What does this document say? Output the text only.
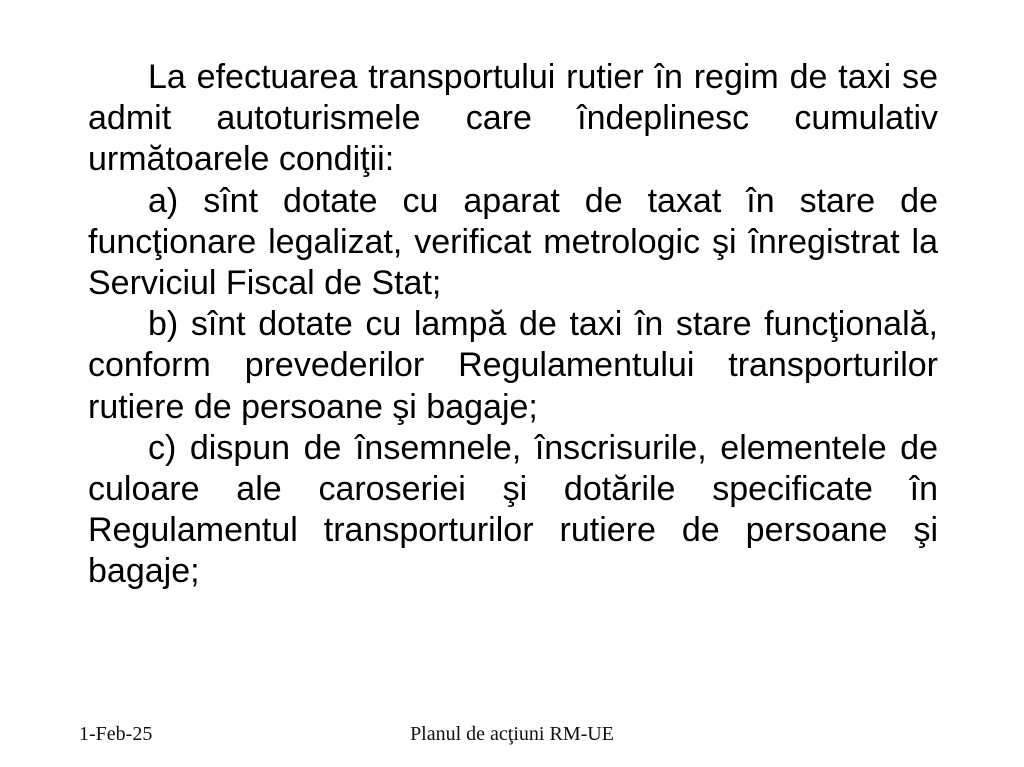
La efectuarea transportului rutier în regim de taxi se
admit autoturismele care îndeplinesc cumulativ
următoarele condiţii:
a) sînt dotate cu aparat de taxat în stare de
funcţionare legalizat, verificat metrologic şi înregistrat la
Serviciul Fiscal de Stat;
b) sînt dotate cu lampă de taxi în stare funcţională,
conform prevederilor Regulamentului transporturilor
rutiere de persoane şi bagaje;
c) dispun de însemnele, înscrisurile, elementele de
culoare ale caroseriei şi dotările specificate în
Regulamentul transporturilor rutiere de persoane şi
bagaje;
1-Feb-25	Planul de acţiuni RM-UE
